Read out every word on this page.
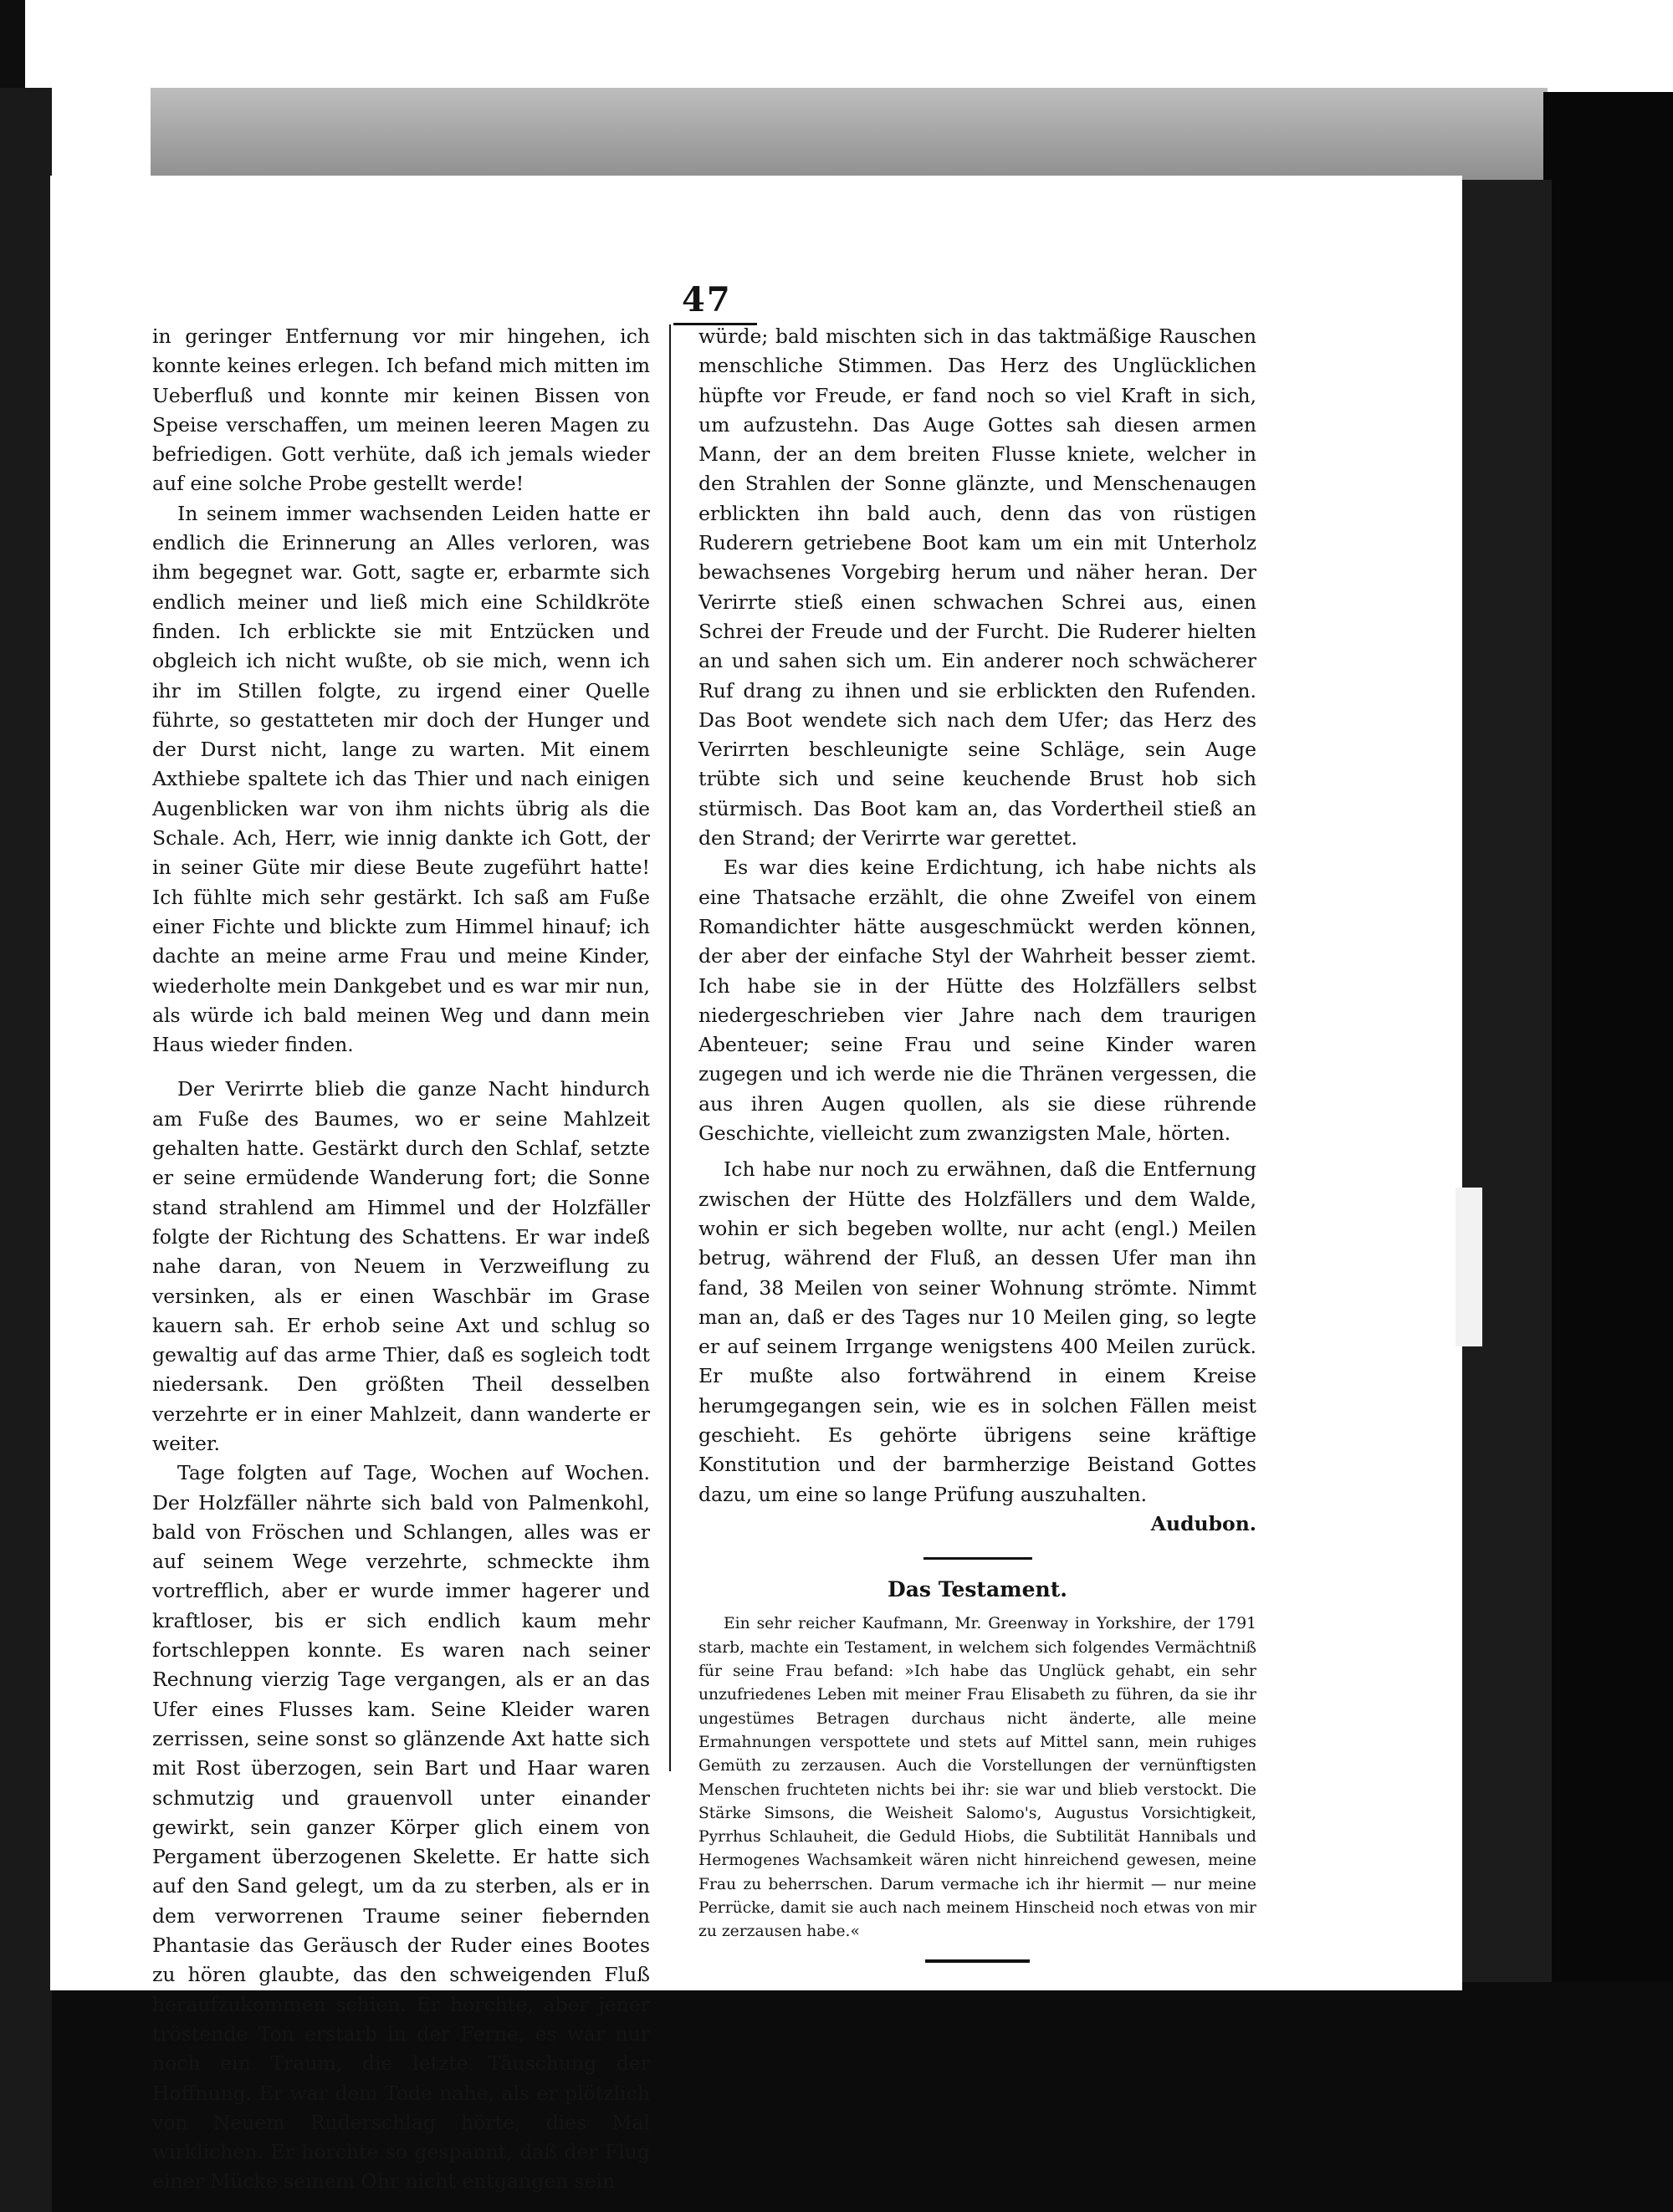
47

in geringer Entfernung vor mir hingehen, ich konnte keines erlegen. Ich befand mich mitten im Ueberfluß und konnte mir keinen Bissen von Speise verschaffen, um meinen leeren Magen zu befriedigen. Gott verhüte, daß ich jemals wieder auf eine solche Probe gestellt werde!

In seinem immer wachsenden Leiden hatte er endlich die Erinnerung an Alles verloren, was ihm begegnet war. Gott, sagte er, erbarmte sich endlich meiner und ließ mich eine Schildkröte finden. Ich erblickte sie mit Entzücken und obgleich ich nicht wußte, ob sie mich, wenn ich ihr im Stillen folgte, zu irgend einer Quelle führte, so gestatteten mir doch der Hunger und der Durst nicht, lange zu warten. Mit einem Axthiebe spaltete ich das Thier und nach einigen Augenblicken war von ihm nichts übrig als die Schale. Ach, Herr, wie innig dankte ich Gott, der in seiner Güte mir diese Beute zugeführt hatte! Ich fühlte mich sehr gestärkt. Ich saß am Fuße einer Fichte und blickte zum Himmel hinauf; ich dachte an meine arme Frau und meine Kinder, wiederholte mein Dankgebet und es war mir nun, als würde ich bald meinen Weg und dann mein Haus wieder finden.

Der Verirrte blieb die ganze Nacht hindurch am Fuße des Baumes, wo er seine Mahlzeit gehalten hatte. Gestärkt durch den Schlaf, setzte er seine ermüdende Wanderung fort; die Sonne stand strahlend am Himmel und der Holzfäller folgte der Richtung des Schattens. Er war indeß nahe daran, von Neuem in Verzweiflung zu versinken, als er einen Waschbär im Grase kauern sah. Er erhob seine Axt und schlug so gewaltig auf das arme Thier, daß es sogleich todt niedersank. Den größten Theil desselben verzehrte er in einer Mahlzeit, dann wanderte er weiter.

Tage folgten auf Tage, Wochen auf Wochen. Der Holzfäller nährte sich bald von Palmenkohl, bald von Fröschen und Schlangen, alles was er auf seinem Wege verzehrte, schmeckte ihm vortrefflich, aber er wurde immer hagerer und kraftloser, bis er sich endlich kaum mehr fortschleppen konnte. Es waren nach seiner Rechnung vierzig Tage vergangen, als er an das Ufer eines Flusses kam. Seine Kleider waren zerrissen, seine sonst so glänzende Axt hatte sich mit Rost überzogen, sein Bart und Haar waren schmutzig und grauenvoll unter einander gewirkt, sein ganzer Körper glich einem von Pergament überzogenen Skelette. Er hatte sich auf den Sand gelegt, um da zu sterben, als er in dem verworrenen Traume seiner fiebernden Phantasie das Geräusch der Ruder eines Bootes zu hören glaubte, das den schweigenden Fluß heraufzukommen schien. Er horchte, aber jener tröstende Ton erstarb in der Ferne, es war nur noch ein Traum, die letzte Täuschung der Hoffnung. Er war dem Tode nahe, als er plötzlich von Neuem Ruderschlag hörte, dies Mal wirklichen. Er horchte so gespannt, daß der Flug einer Mücke seinem Ohr nicht entgangen sein

würde; bald mischten sich in das taktmäßige Rauschen menschliche Stimmen. Das Herz des Unglücklichen hüpfte vor Freude, er fand noch so viel Kraft in sich, um aufzustehn. Das Auge Gottes sah diesen armen Mann, der an dem breiten Flusse kniete, welcher in den Strahlen der Sonne glänzte, und Menschenaugen erblickten ihn bald auch, denn das von rüstigen Ruderern getriebene Boot kam um ein mit Unterholz bewachsenes Vorgebirg herum und näher heran. Der Verirrte stieß einen schwachen Schrei aus, einen Schrei der Freude und der Furcht. Die Ruderer hielten an und sahen sich um. Ein anderer noch schwächerer Ruf drang zu ihnen und sie erblickten den Rufenden. Das Boot wendete sich nach dem Ufer; das Herz des Verirrten beschleunigte seine Schläge, sein Auge trübte sich und seine keuchende Brust hob sich stürmisch. Das Boot kam an, das Vordertheil stieß an den Strand; der Verirrte war gerettet.

Es war dies keine Erdichtung, ich habe nichts als eine Thatsache erzählt, die ohne Zweifel von einem Romandichter hätte ausgeschmückt werden können, der aber der einfache Styl der Wahrheit besser ziemt. Ich habe sie in der Hütte des Holzfällers selbst niedergeschrieben vier Jahre nach dem traurigen Abenteuer; seine Frau und seine Kinder waren zugegen und ich werde nie die Thränen vergessen, die aus ihren Augen quollen, als sie diese rührende Geschichte, vielleicht zum zwanzigsten Male, hörten.

Ich habe nur noch zu erwähnen, daß die Entfernung zwischen der Hütte des Holzfällers und dem Walde, wohin er sich begeben wollte, nur acht (engl.) Meilen betrug, während der Fluß, an dessen Ufer man ihn fand, 38 Meilen von seiner Wohnung strömte. Nimmt man an, daß er des Tages nur 10 Meilen ging, so legte er auf seinem Irrgange wenigstens 400 Meilen zurück. Er mußte also fortwährend in einem Kreise herumgegangen sein, wie es in solchen Fällen meist geschieht. Es gehörte übrigens seine kräftige Konstitution und der barmherzige Beistand Gottes dazu, um eine so lange Prüfung auszuhalten.

Audubon.

Das Testament.

Ein sehr reicher Kaufmann, Mr. Greenway in Yorkshire, der 1791 starb, machte ein Testament, in welchem sich folgendes Vermächtniß für seine Frau befand: »Ich habe das Unglück gehabt, ein sehr unzufriedenes Leben mit meiner Frau Elisabeth zu führen, da sie ihr ungestümes Betragen durchaus nicht änderte, alle meine Ermahnungen verspottete und stets auf Mittel sann, mein ruhiges Gemüth zu zerzausen. Auch die Vorstellungen der vernünftigsten Menschen fruchteten nichts bei ihr: sie war und blieb verstockt. Die Stärke Simsons, die Weisheit Salomo's, Augustus Vorsichtigkeit, Pyrrhus Schlauheit, die Geduld Hiobs, die Subtilität Hannibals und Hermogenes Wachsamkeit wären nicht hinreichend gewesen, meine Frau zu beherrschen. Darum vermache ich ihr hiermit — nur meine Perrücke, damit sie auch nach meinem Hinscheid noch etwas von mir zu zerzausen habe.«
